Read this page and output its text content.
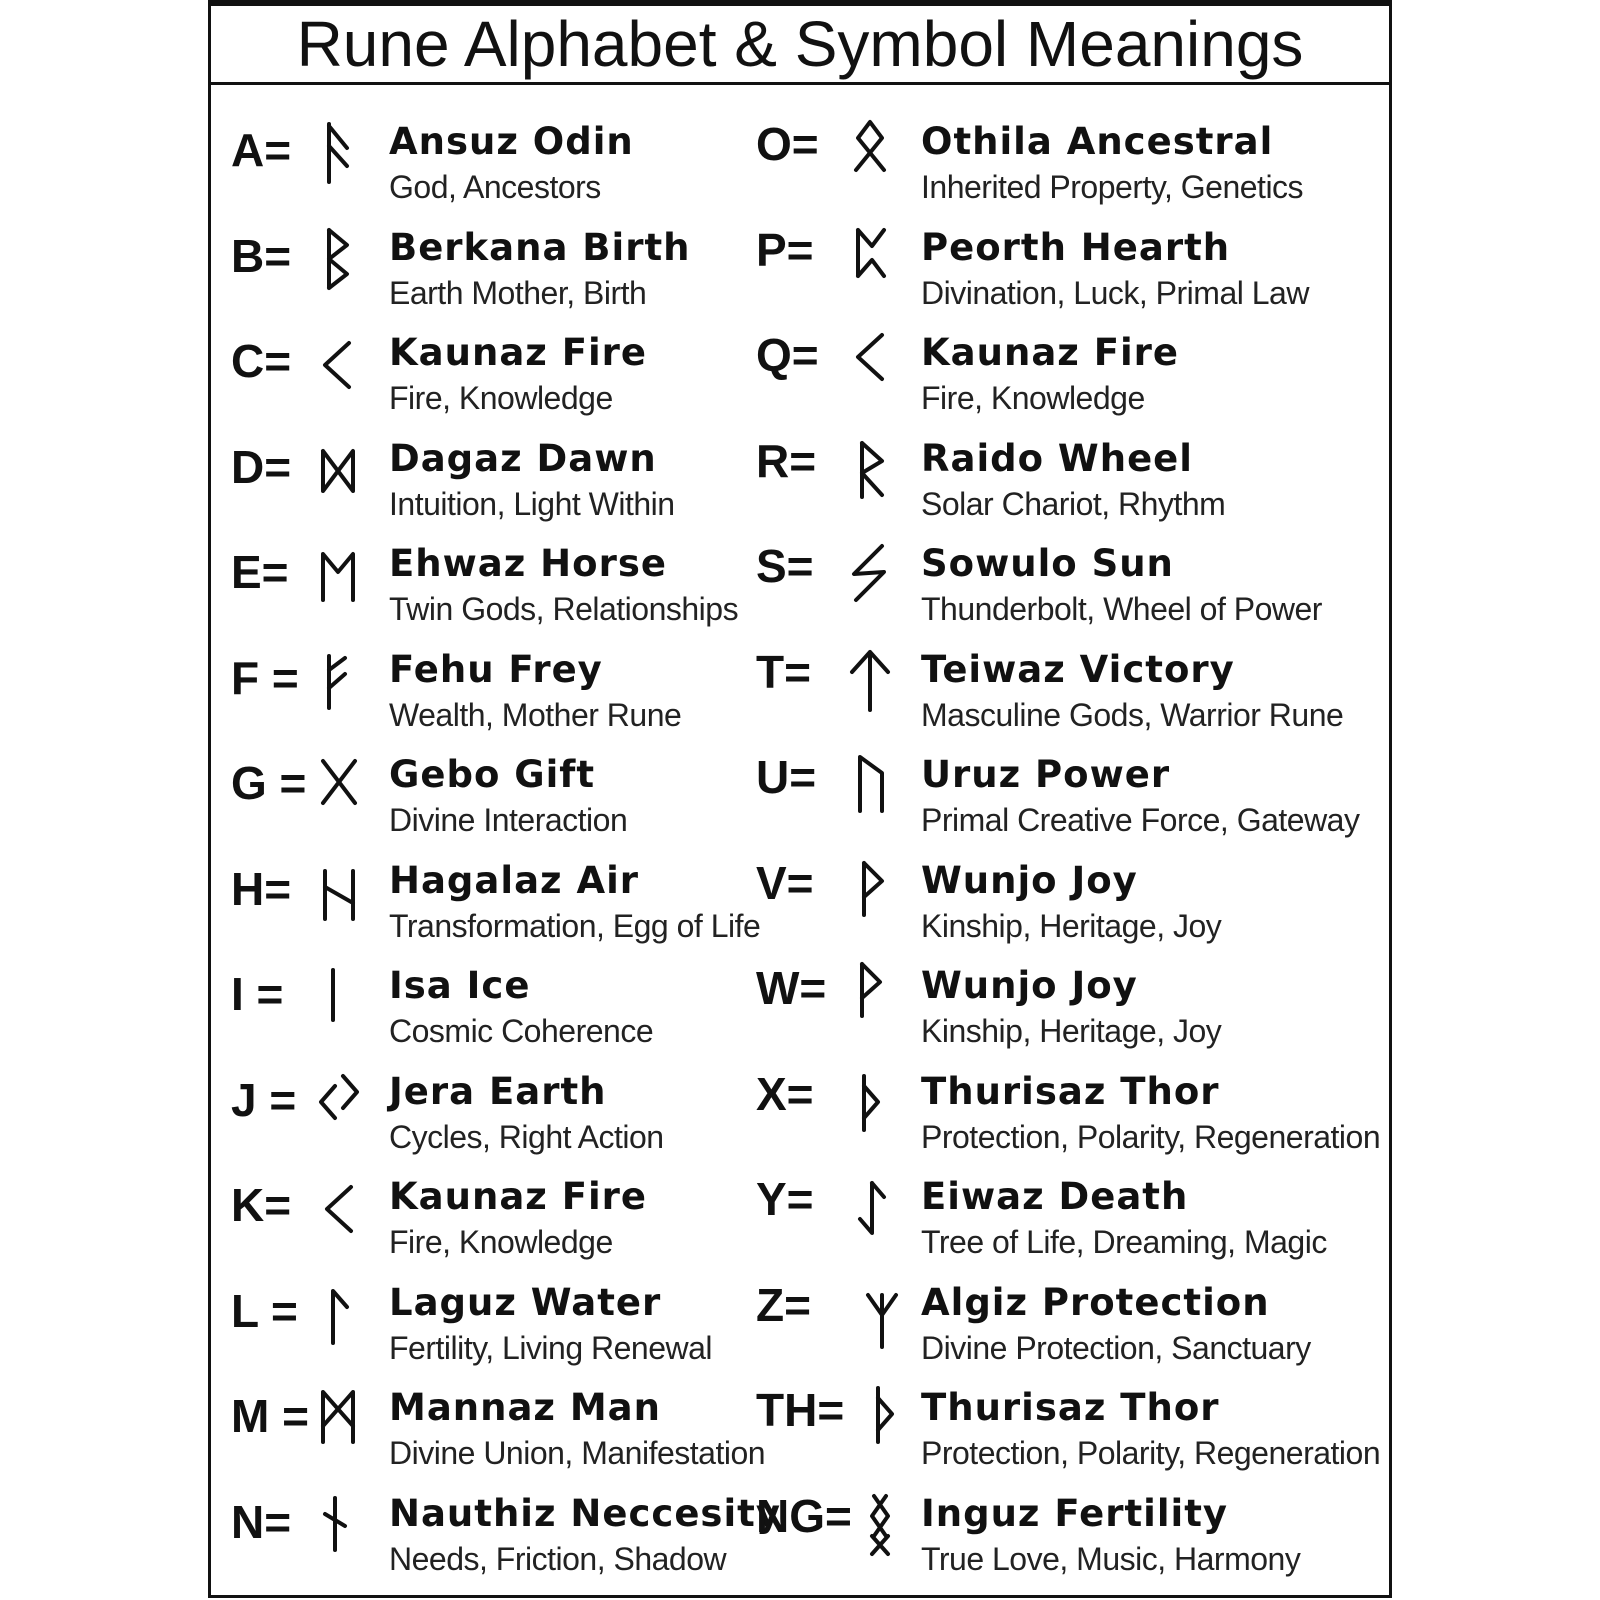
Rune Alphabet & Symbol Meanings
A=	Ansuz Odin
God, Ancestors
B=	Berkana Birth
Earth Mother, Birth
C=	Kaunaz Fire
Fire, Knowledge
D=	Dagaz Dawn
Intuition, Light Within
E=	Ehwaz Horse
Twin Gods, Relationships
F = Fehu Frey
Wealth, Mother Rune
G = Gebo Gift
Divine Interaction
H=	Hagalaz Air
Transformation, Egg of Life
I =	Isa Ice
Cosmic Coherence
J =	Jera Earth
Cycles, Right Action
K=	Kaunaz Fire
Fire, Knowledge
L = Laguz Water
Fertility, Living Renewal
M = Mannaz Man
Divine Union, Manifestation
N=	Nauthiz Neccesity
Needs, Friction, Shadow
O=	Othila Ancestral
Inherited Property, Genetics
P=	Peorth Hearth
Divination, Luck, Primal Law
Q=	Kaunaz Fire
Fire, Knowledge
R=	Raido Wheel
Solar Chariot, Rhythm
S=	Sowulo Sun
Thunderbolt, Wheel of Power
T=	Teiwaz Victory
Masculine Gods, Warrior Rune
U=	Uruz Power
Primal Creative Force, Gateway
V=	Wunjo Joy
Kinship, Heritage, Joy
W=	Wunjo Joy
Kinship, Heritage, Joy
X=	Thurisaz Thor
Protection, Polarity, Regeneration
Y=	Eiwaz Death
Tree of Life, Dreaming, Magic
Z=	Algiz Protection
Divine Protection, Sanctuary
TH= Thurisaz Thor
Protection, Polarity, Regeneration
NG= Inguz Fertility
True Love, Music, Harmony
